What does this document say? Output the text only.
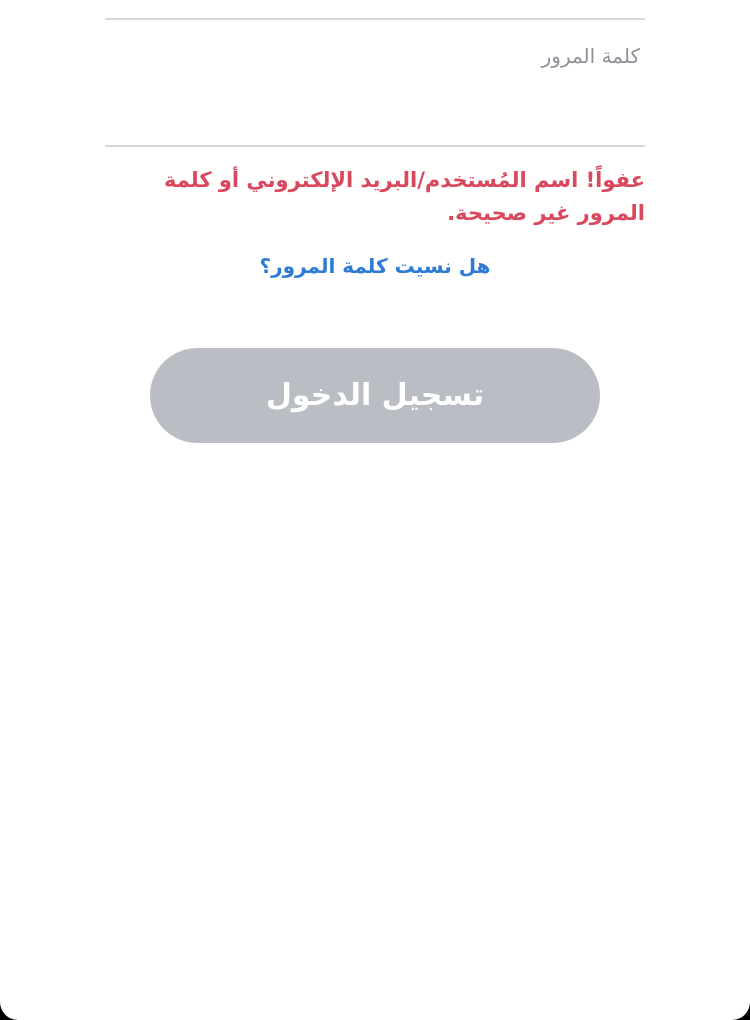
كلمة المرور
عفواً! اسم المُستخدم/البريد الإلكتروني أو كلمة المرور غير صحيحة.
هل نسيت كلمة المرور؟
تسجيل الدخول
